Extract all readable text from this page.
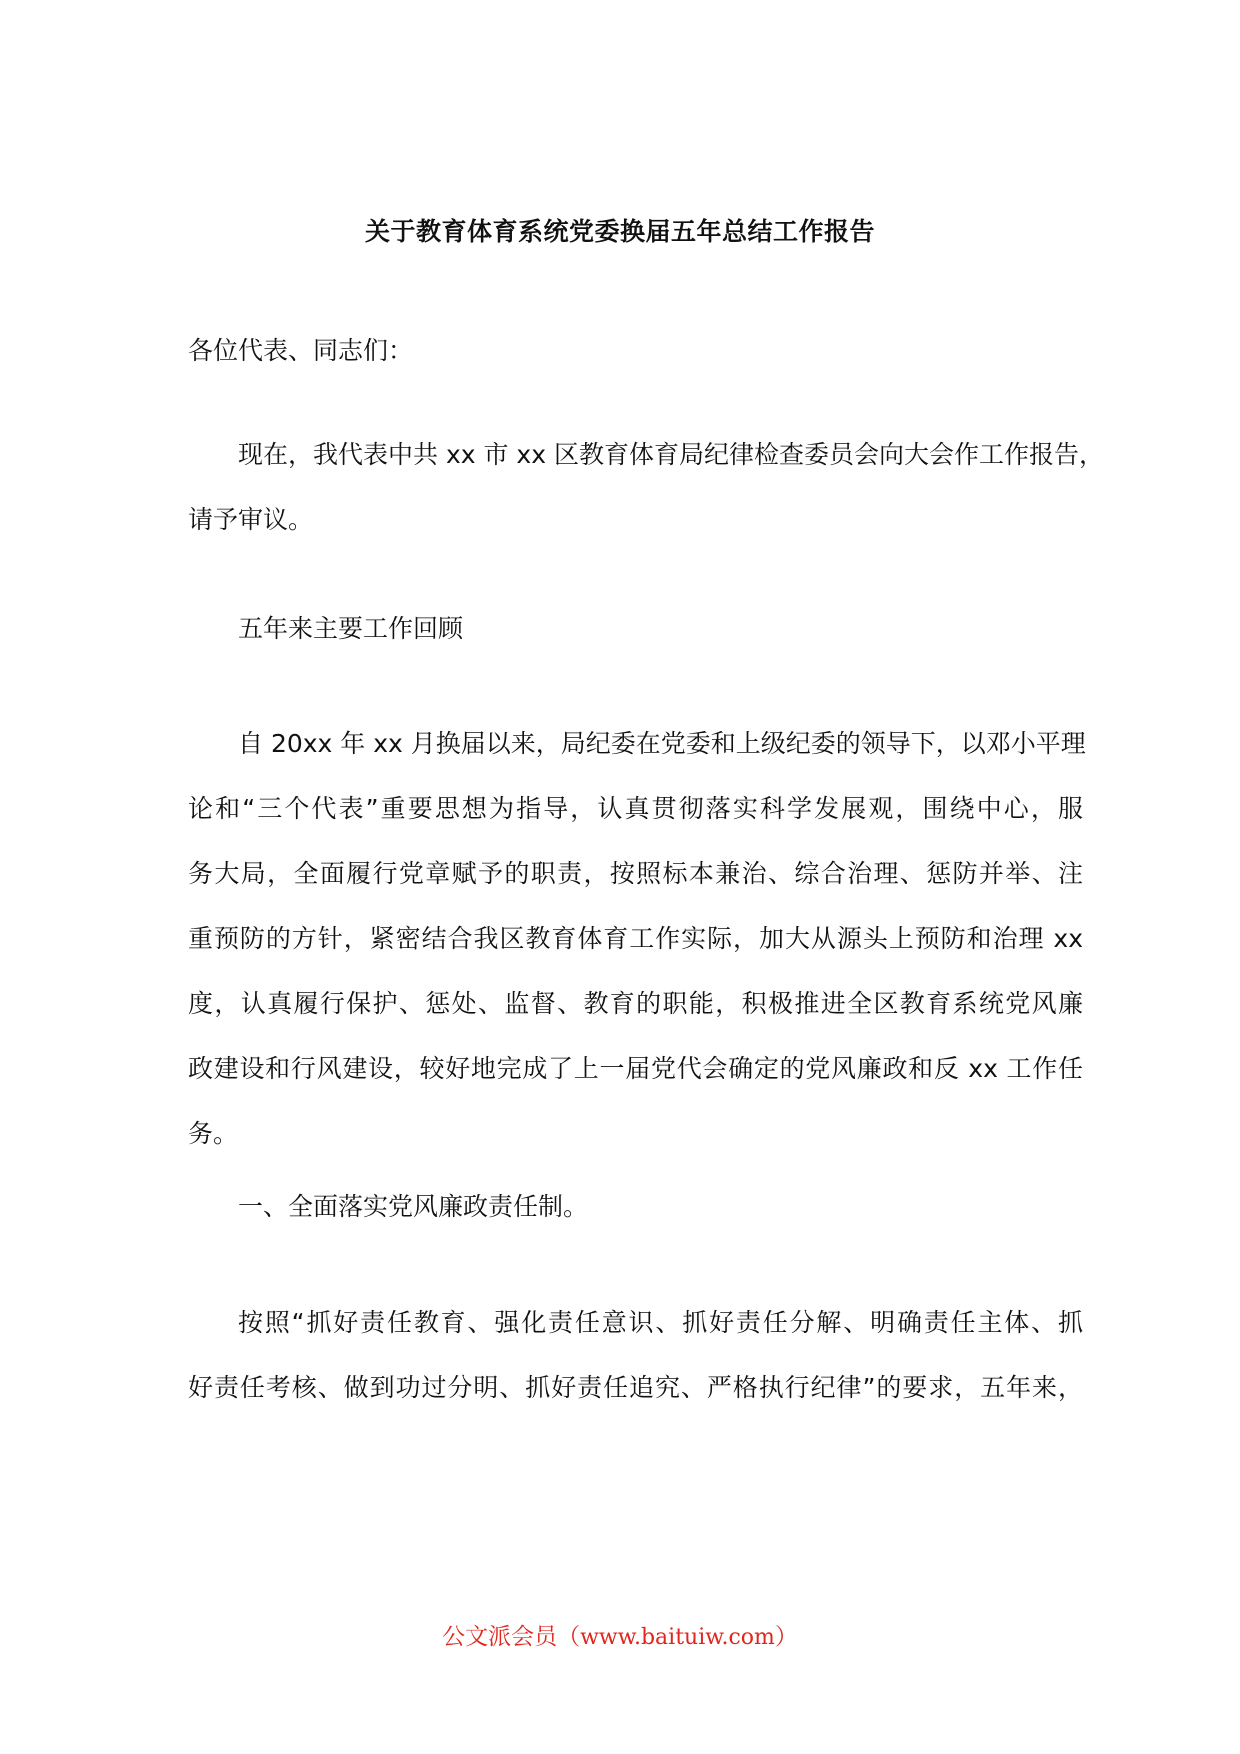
关于教育体育系统党委换届五年总结工作报告

各位代表、同志们：

现在，我代表中共 xx 市 xx 区教育体育局纪律检查委员会向大会作工作报告，
请予审议。

五年来主要工作回顾

自 20xx 年 xx 月换届以来，局纪委在党委和上级纪委的领导下，以邓小平理
论和“三个代表”重要思想为指导，认真贯彻落实科学发展观，围绕中心，服
务大局，全面履行党章赋予的职责，按照标本兼治、综合治理、惩防并举、注
重预防的方针，紧密结合我区教育体育工作实际，加大从源头上预防和治理 xx
度，认真履行保护、惩处、监督、教育的职能，积极推进全区教育系统党风廉
政建设和行风建设，较好地完成了上一届党代会确定的党风廉政和反 xx 工作任
务。

一、全面落实党风廉政责任制。

按照“抓好责任教育、强化责任意识、抓好责任分解、明确责任主体、抓
好责任考核、做到功过分明、抓好责任追究、严格执行纪律”的要求，五年来，

公文派会员（www.baituiw.com）
